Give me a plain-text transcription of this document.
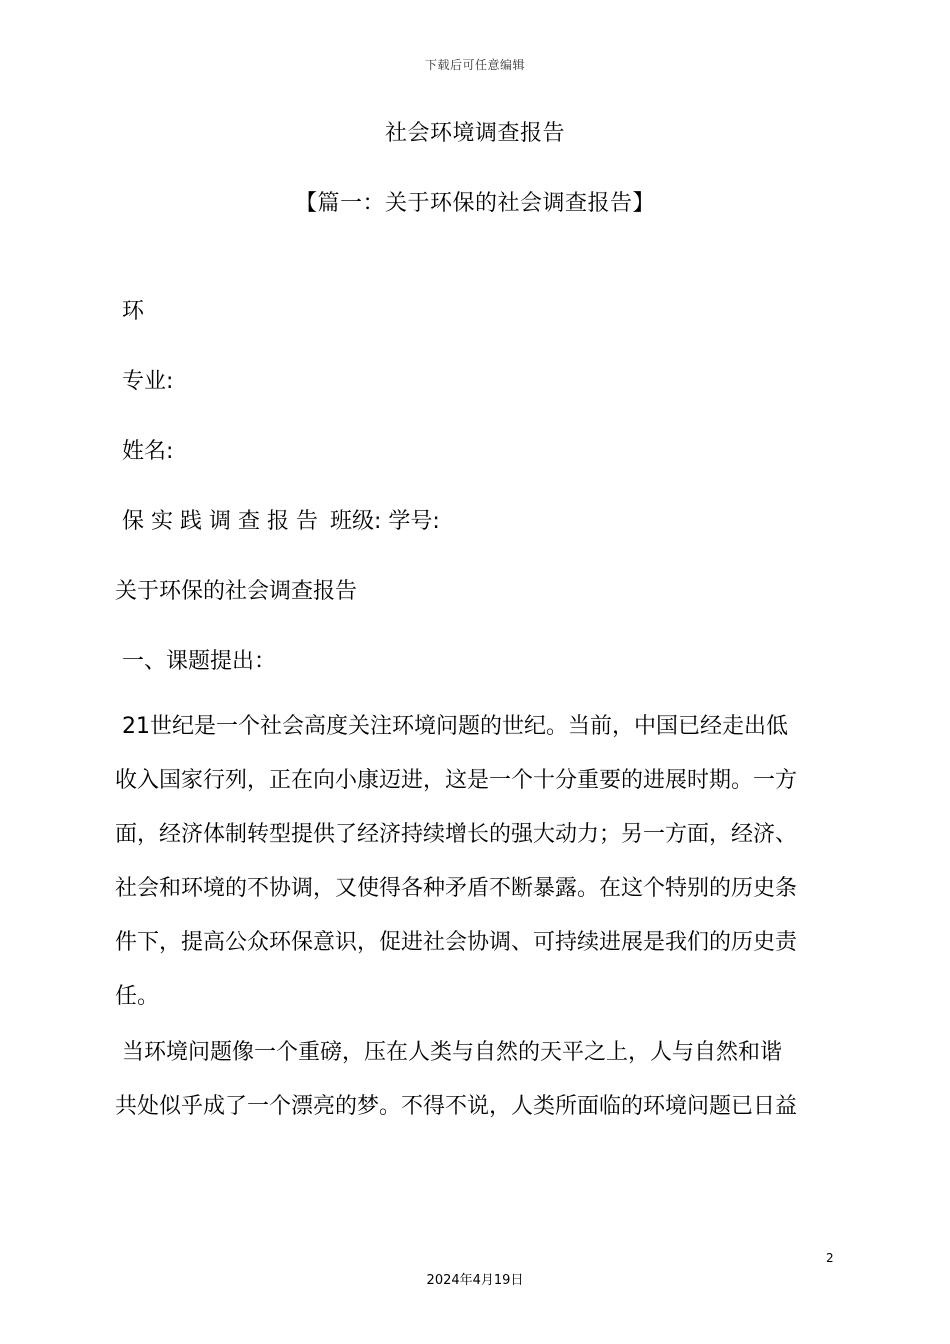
下载后可任意编辑
社会环境调查报告
【篇一：关于环保的社会调查报告】
环
专业:
姓名:
保实践调查报告 班级: 学号:
关于环保的社会调查报告
一、课题提出：
21世纪是一个社会高度关注环境问题的世纪。当前，中国已经走出低
收入国家行列，正在向小康迈进，这是一个十分重要的进展时期。一方
面，经济体制转型提供了经济持续增长的强大动力；另一方面，经济、
社会和环境的不协调，又使得各种矛盾不断暴露。在这个特别的历史条
件下，提高公众环保意识，促进社会协调、可持续进展是我们的历史责
任。
当环境问题像一个重磅，压在人类与自然的天平之上，人与自然和谐
共处似乎成了一个漂亮的梦。不得不说，人类所面临的环境问题已日益
2
2024年4月19日
